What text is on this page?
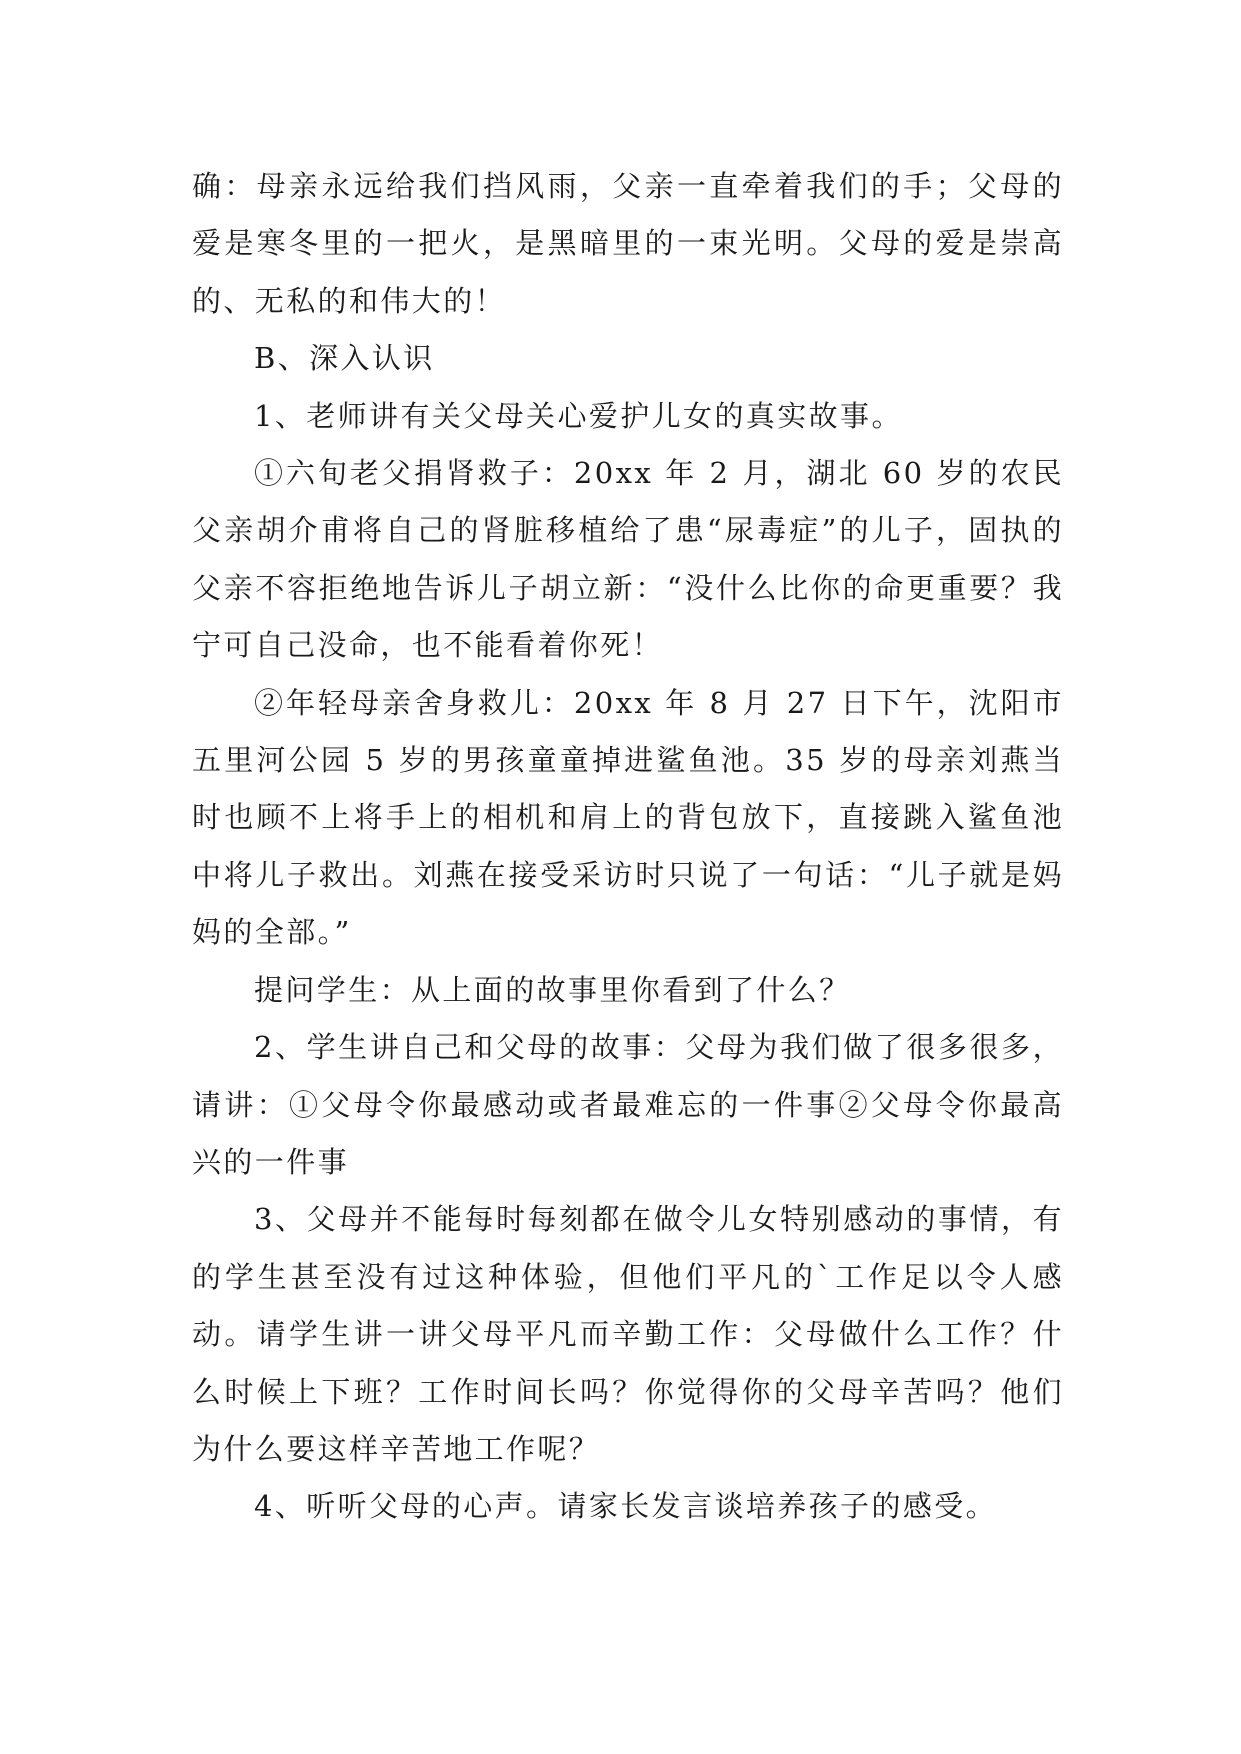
确：母亲永远给我们挡风雨，父亲一直牵着我们的手；父母的爱是寒冬里的一把火，是黑暗里的一束光明。父母的爱是崇高的、无私的和伟大的！

B、深入认识

1、老师讲有关父母关心爱护儿女的真实故事。

①六旬老父捐肾救子：20xx 年 2 月，湖北 60 岁的农民父亲胡介甫将自己的肾脏移植给了患“尿毒症”的儿子，固执的父亲不容拒绝地告诉儿子胡立新：“没什么比你的命更重要？我宁可自己没命，也不能看着你死！

②年轻母亲舍身救儿：20xx 年 8 月 27 日下午，沈阳市五里河公园 5 岁的男孩童童掉进鲨鱼池。35 岁的母亲刘燕当时也顾不上将手上的相机和肩上的背包放下，直接跳入鲨鱼池中将儿子救出。刘燕在接受采访时只说了一句话：“儿子就是妈妈的全部。”

提问学生：从上面的故事里你看到了什么？

2、学生讲自己和父母的故事：父母为我们做了很多很多，请讲：①父母令你最感动或者最难忘的一件事②父母令你最高兴的一件事

3、父母并不能每时每刻都在做令儿女特别感动的事情，有的学生甚至没有过这种体验，但他们平凡的`工作足以令人感动。请学生讲一讲父母平凡而辛勤工作：父母做什么工作？什么时候上下班？工作时间长吗？你觉得你的父母辛苦吗？他们为什么要这样辛苦地工作呢？

4、听听父母的心声。请家长发言谈培养孩子的感受。
